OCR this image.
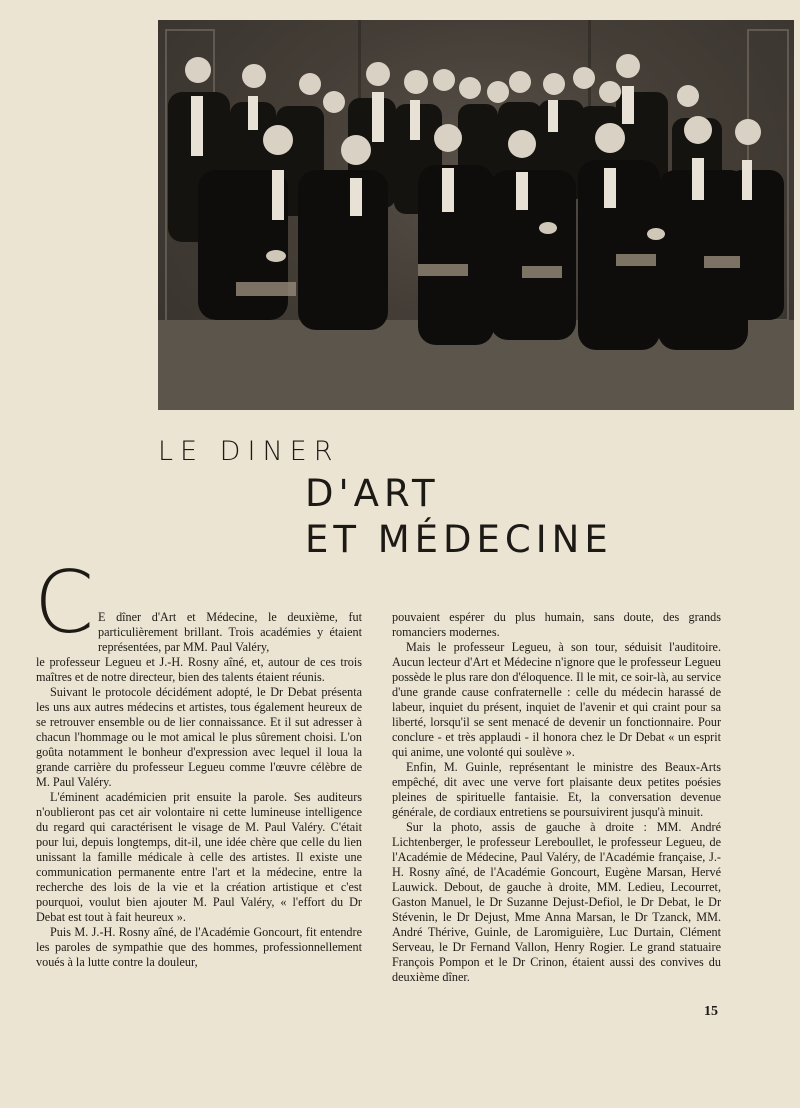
LE DINER
D'ART
ET MÉDECINE
C E dîner d'Art et Médecine, le deuxième, fut particulièrement brillant. Trois académies y étaient représentées, par MM. Paul Valéry,

le professeur Legueu et J.-H. Rosny aîné, et, autour de ces trois maîtres et de notre directeur, bien des talents étaient réunis.

Suivant le protocole décidément adopté, le Dr Debat présenta les uns aux autres médecins et artistes, tous également heureux de se retrouver ensemble ou de lier connaissance. Et il sut adresser à chacun l'hommage ou le mot amical le plus sûrement choisi. L'on goûta notamment le bonheur d'expression avec lequel il loua la grande carrière du professeur Legueu comme l'œuvre célèbre de M. Paul Valéry.

L'éminent académicien prit ensuite la parole. Ses auditeurs n'oublieront pas cet air volontaire ni cette lumineuse intelligence du regard qui caractérisent le visage de M. Paul Valéry. C'était pour lui, depuis longtemps, dit-il, une idée chère que celle du lien unissant la famille médicale à celle des artistes. Il existe une communication permanente entre l'art et la médecine, entre la recherche des lois de la vie et la création artistique et c'est pourquoi, voulut bien ajouter M. Paul Valéry, « l'effort du Dr Debat est tout à fait heureux ».

Puis M. J.-H. Rosny aîné, de l'Académie Goncourt, fit entendre les paroles de sympathie que des hommes, professionnellement voués à la lutte contre la douleur,

pouvaient espérer du plus humain, sans doute, des grands romanciers modernes.

Mais le professeur Legueu, à son tour, séduisit l'auditoire. Aucun lecteur d'Art et Médecine n'ignore que le professeur Legueu possède le plus rare don d'éloquence. Il le mit, ce soir-là, au service d'une grande cause confraternelle : celle du médecin harassé de labeur, inquiet du présent, inquiet de l'avenir et qui craint pour sa liberté, lorsqu'il se sent menacé de devenir un fonctionnaire. Pour conclure - et très applaudi - il honora chez le Dr Debat « un esprit qui anime, une volonté qui soulève ».

Enfin, M. Guinle, représentant le ministre des Beaux-Arts empêché, dit avec une verve fort plaisante deux petites poésies pleines de spirituelle fantaisie. Et, la conversation devenue générale, de cordiaux entretiens se poursuivirent jusqu'à minuit.

Sur la photo, assis de gauche à droite : MM. André Lichtenberger, le professeur Lereboullet, le professeur Legueu, de l'Académie de Médecine, Paul Valéry, de l'Académie française, J.-H. Rosny aîné, de l'Académie Goncourt, Eugène Marsan, Hervé Lauwick. Debout, de gauche à droite, MM. Ledieu, Lecourret, Gaston Manuel, le Dr Suzanne Dejust-Defiol, le Dr Debat, le Dr Stévenin, le Dr Dejust, Mme Anna Marsan, le Dr Tzanck, MM. André Thérive, Guinle, de Laromiguière, Luc Durtain, Clément Serveau, le Dr Fernand Vallon, Henry Rogier. Le grand statuaire François Pompon et le Dr Crinon, étaient aussi des convives du deuxième dîner.

15
